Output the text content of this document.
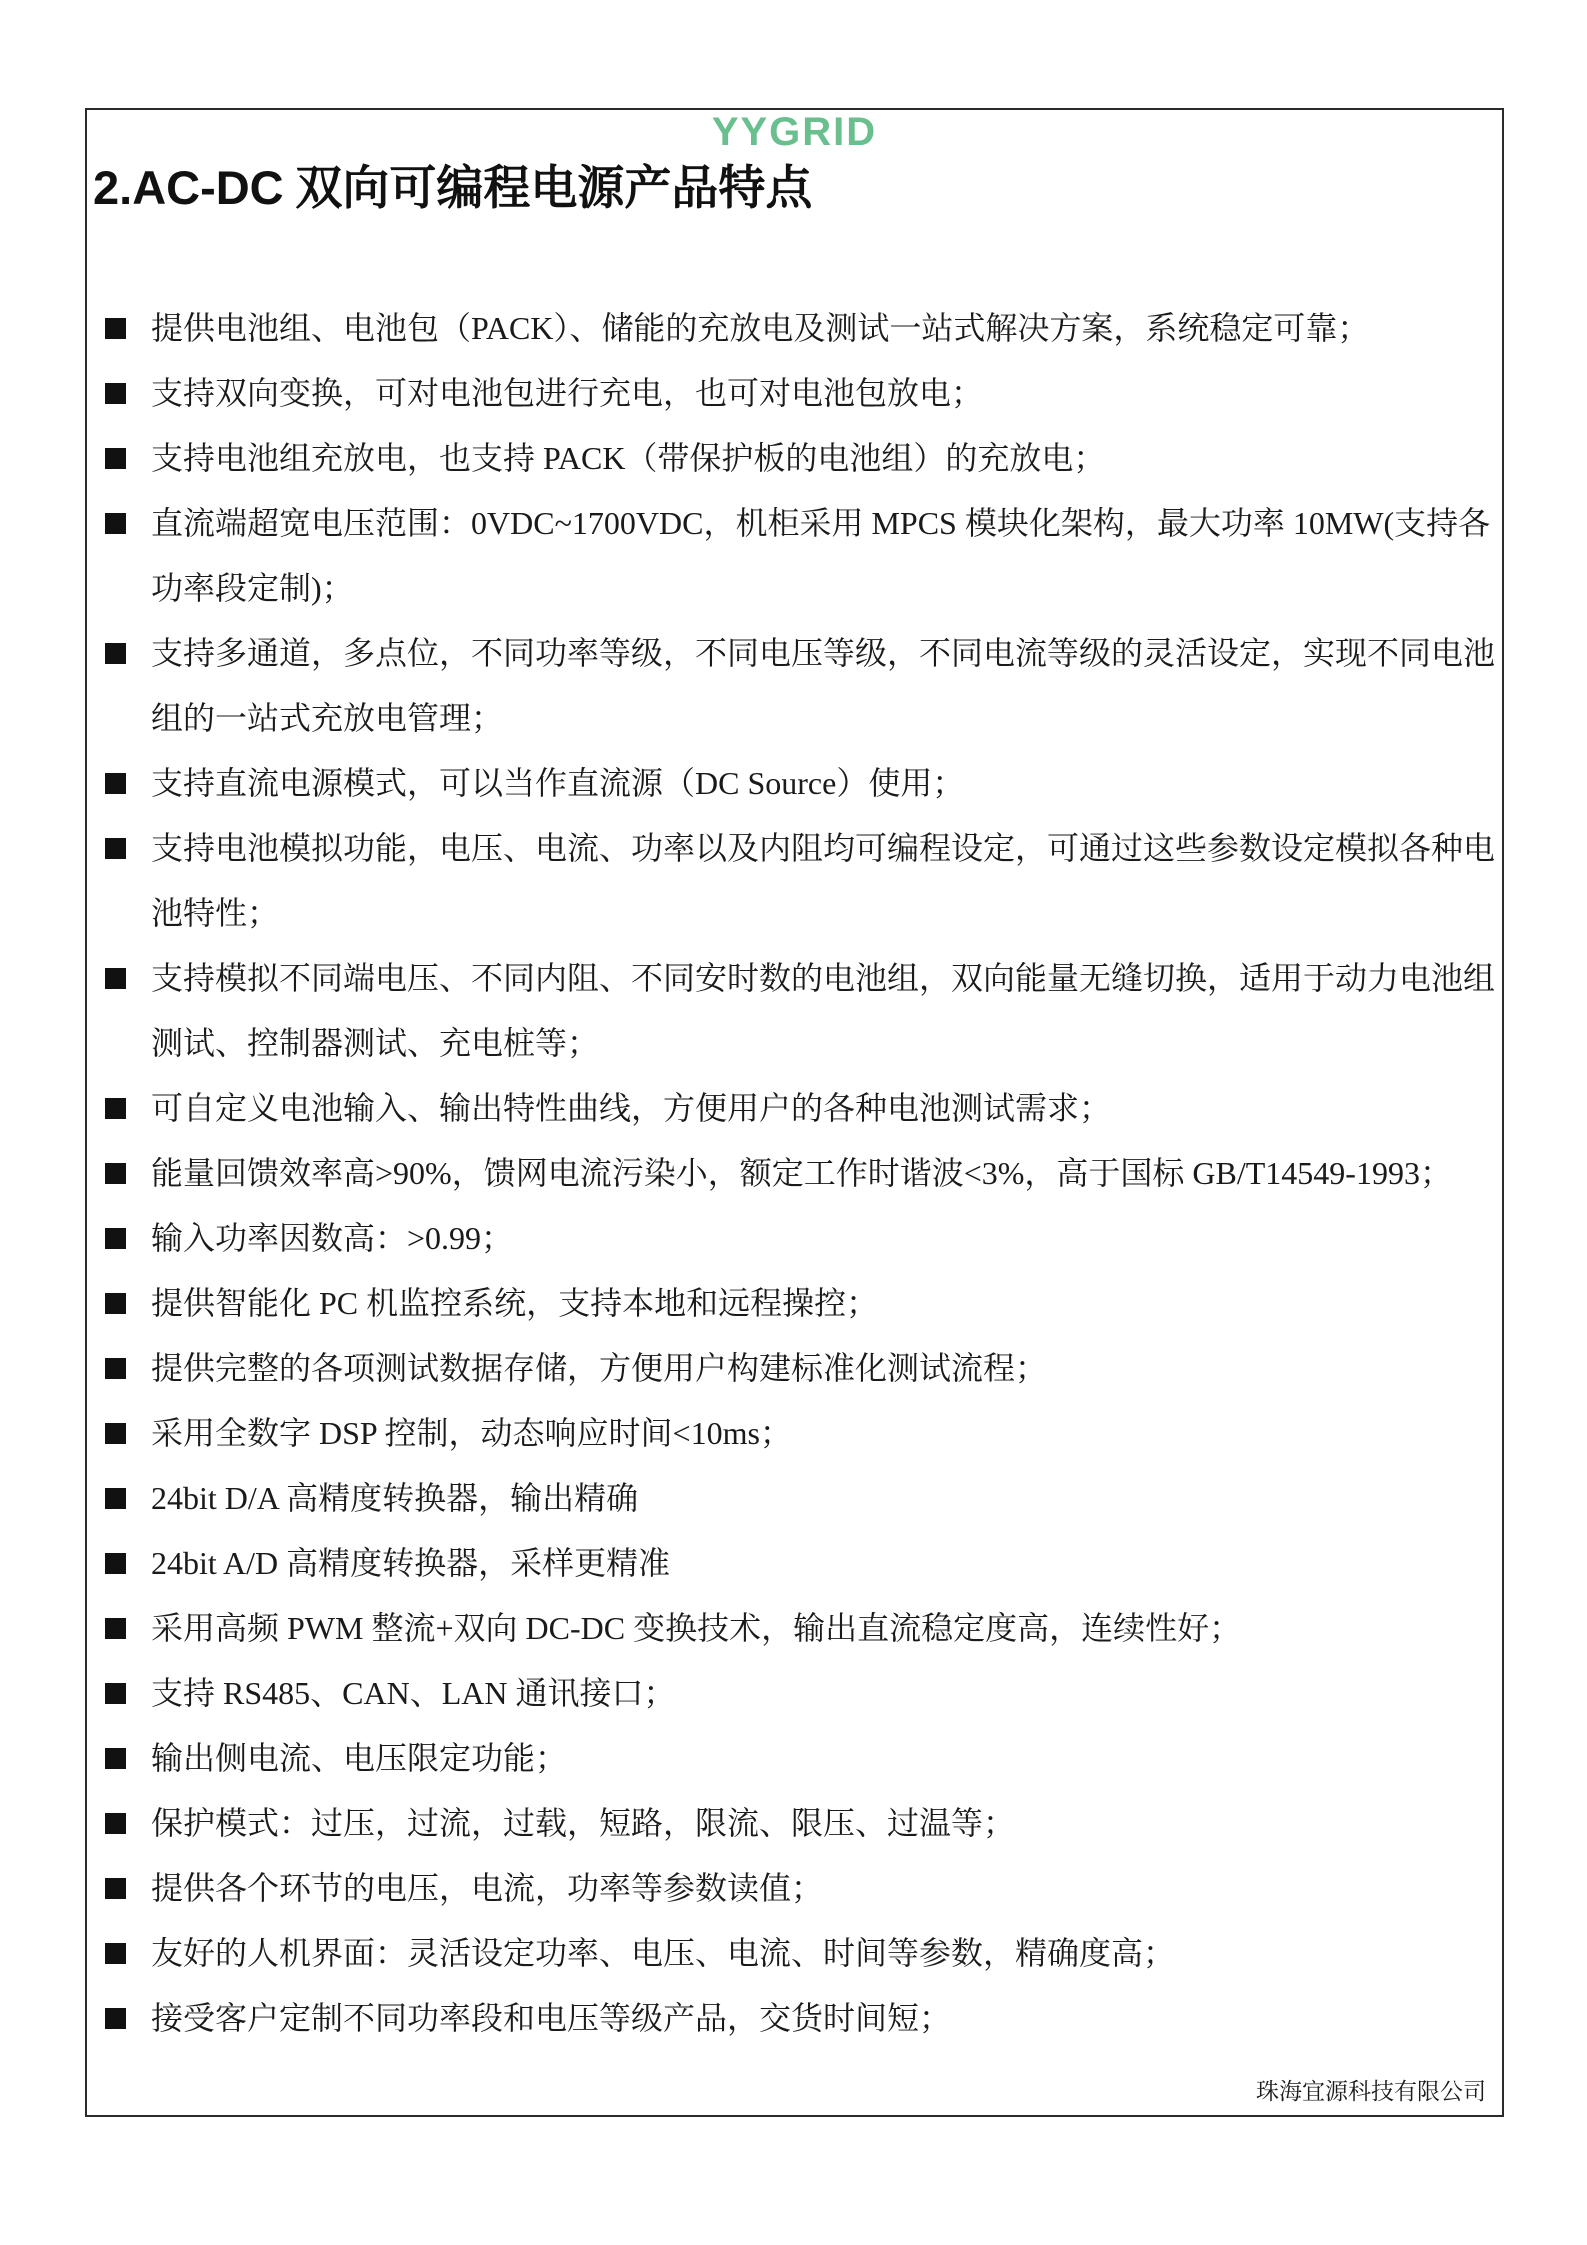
YYGRID
2.AC-DC 双向可编程电源产品特点
提供电池组、电池包（PACK）、储能的充放电及测试一站式解决方案，系统稳定可靠；
支持双向变换，可对电池包进行充电，也可对电池包放电；
支持电池组充放电，也支持 PACK（带保护板的电池组）的充放电；
直流端超宽电压范围：0VDC~1700VDC，机柜采用 MPCS 模块化架构，最大功率 10MW(支持各功率段定制)；
支持多通道，多点位，不同功率等级，不同电压等级，不同电流等级的灵活设定，实现不同电池组的一站式充放电管理；
支持直流电源模式，可以当作直流源（DC Source）使用；
支持电池模拟功能，电压、电流、功率以及内阻均可编程设定，可通过这些参数设定模拟各种电池特性；
支持模拟不同端电压、不同内阻、不同安时数的电池组，双向能量无缝切换，适用于动力电池组测试、控制器测试、充电桩等；
可自定义电池输入、输出特性曲线，方便用户的各种电池测试需求；
能量回馈效率高>90%，馈网电流污染小，额定工作时谐波<3%，高于国标 GB/T14549-1993；
输入功率因数高：>0.99；
提供智能化 PC 机监控系统，支持本地和远程操控；
提供完整的各项测试数据存储，方便用户构建标准化测试流程；
采用全数字 DSP 控制，动态响应时间<10ms；
24bit D/A 高精度转换器，输出精确
24bit A/D 高精度转换器，采样更精准
采用高频 PWM 整流+双向 DC-DC 变换技术，输出直流稳定度高，连续性好；
支持 RS485、CAN、LAN 通讯接口；
输出侧电流、电压限定功能；
保护模式：过压，过流，过载，短路，限流、限压、过温等；
提供各个环节的电压，电流，功率等参数读值；
友好的人机界面：灵活设定功率、电压、电流、时间等参数，精确度高；
接受客户定制不同功率段和电压等级产品，交货时间短；
珠海宜源科技有限公司
